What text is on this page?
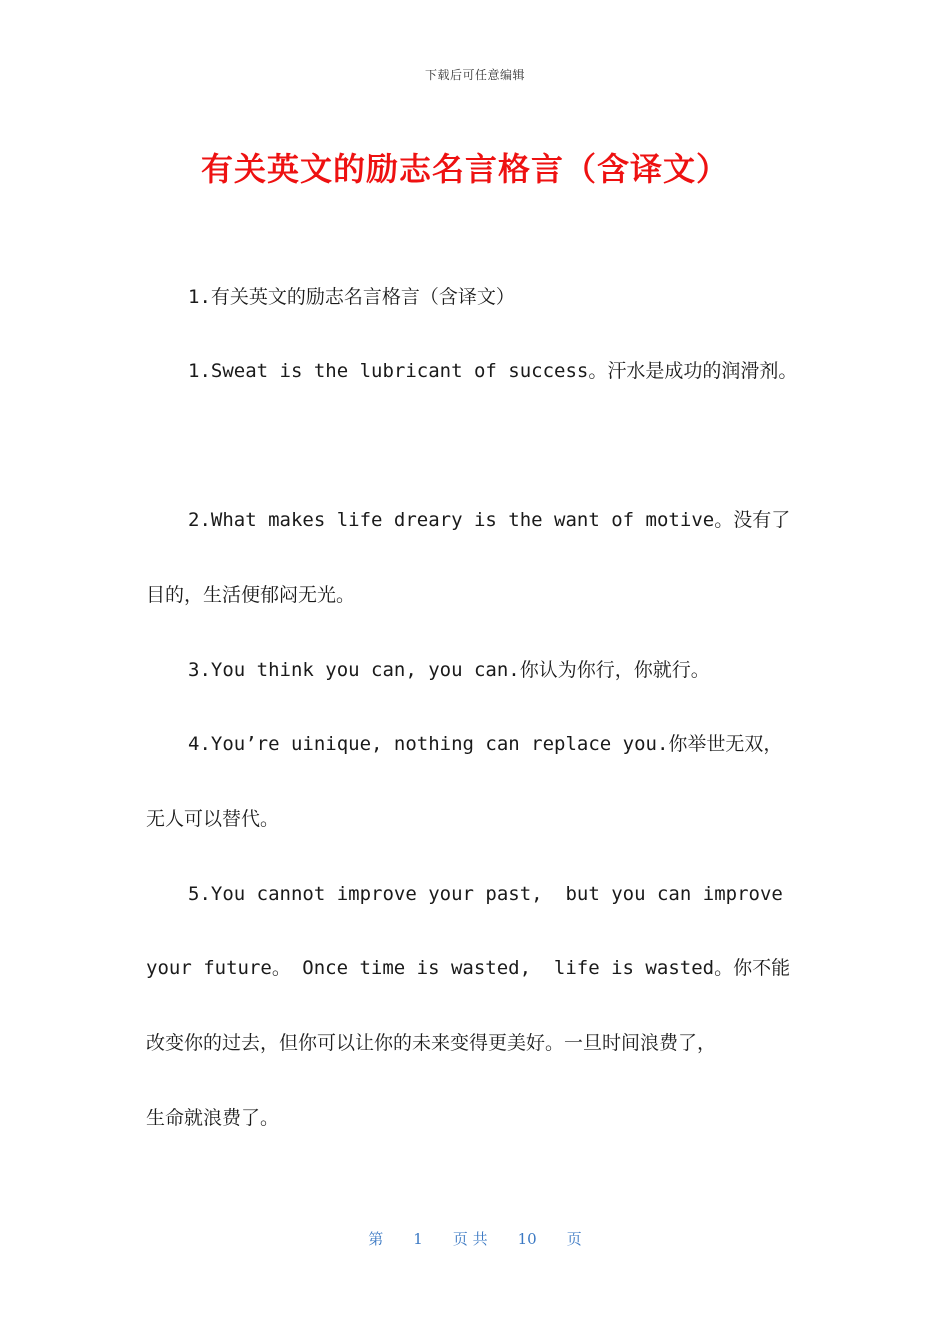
下载后可任意编辑
有关英文的励志名言格言（含译文）

1.有关英文的励志名言格言（含译文）

1.Sweat is the lubricant of success。汗水是成功的润滑剂。

2.What makes life dreary is the want of motive。没有了

目的，生活便郁闷无光。

3.You think you can, you can.你认为你行，你就行。

4.You’re uinique, nothing can replace you.你举世无双，

无人可以替代。

5.You cannot improve your past,  but you can improve

your future。 Once time is wasted,  life is wasted。你不能

改变你的过去，但你可以让你的未来变得更美好。一旦时间浪费了，

生命就浪费了。

第 1 页 共 10 页
